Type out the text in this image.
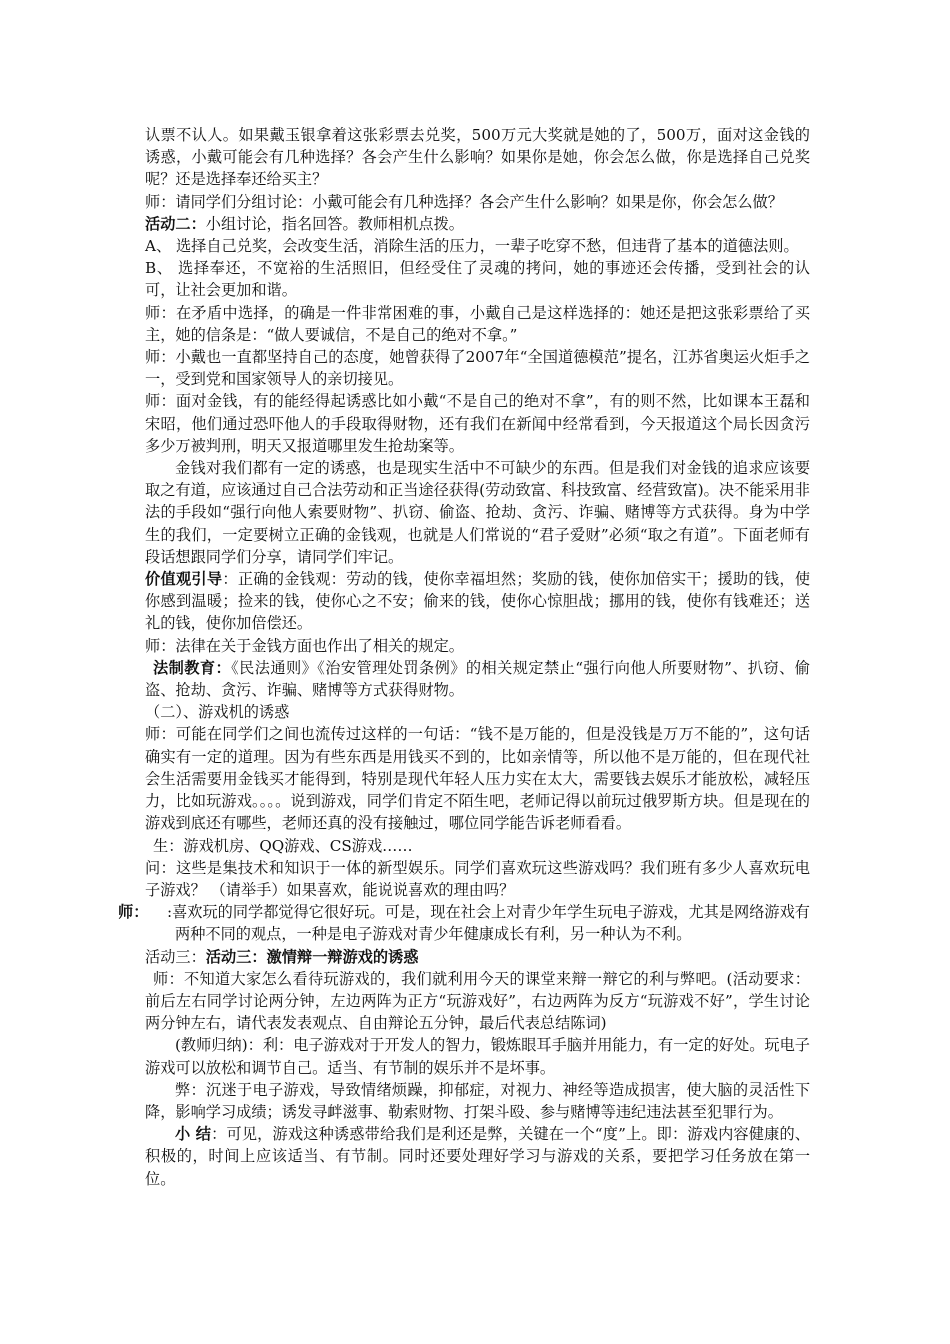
认票不认人。如果戴玉银拿着这张彩票去兑奖，500万元大奖就是她的了，500万，面对这金钱的诱惑，小戴可能会有几种选择？各会产生什么影响？如果你是她，你会怎么做，你是选择自己兑奖呢？还是选择奉还给买主？

师：请同学们分组讨论：小戴可能会有几种选择？各会产生什么影响？如果是你，你会怎么做？

活动二：小组讨论，指名回答。教师相机点拨。

A、 选择自己兑奖，会改变生活，消除生活的压力，一辈子吃穿不愁，但违背了基本的道德法则。

B、 选择奉还，不宽裕的生活照旧，但经受住了灵魂的拷问，她的事迹还会传播，受到社会的认可，让社会更加和谐。

师：在矛盾中选择，的确是一件非常困难的事，小戴自己是这样选择的：她还是把这张彩票给了买主，她的信条是：“做人要诚信，不是自己的绝对不拿。”

师：小戴也一直都坚持自己的态度，她曾获得了2007年“全国道德模范”提名，江苏省奥运火炬手之一，受到党和国家领导人的亲切接见。

师：面对金钱，有的能经得起诱惑比如小戴“不是自己的绝对不拿”，有的则不然，比如课本王磊和宋昭，他们通过恐吓他人的手段取得财物，还有我们在新闻中经常看到，今天报道这个局长因贪污多少万被判刑，明天又报道哪里发生抢劫案等。

金钱对我们都有一定的诱惑，也是现实生活中不可缺少的东西。但是我们对金钱的追求应该要取之有道，应该通过自己合法劳动和正当途径获得(劳动致富、科技致富、经营致富)。决不能采用非法的手段如“强行向他人索要财物”、扒窃、偷盗、抢劫、贪污、诈骗、赌博等方式获得。身为中学生的我们，一定要树立正确的金钱观，也就是人们常说的“君子爱财”必须“取之有道”。下面老师有段话想跟同学们分享，请同学们牢记。

价值观引导：正确的金钱观：劳动的钱，使你幸福坦然；奖励的钱，使你加倍实干；援助的钱，使你感到温暖；捡来的钱，使你心之不安；偷来的钱，使你心惊胆战；挪用的钱，使你有钱难还；送礼的钱，使你加倍偿还。

师：法律在关于金钱方面也作出了相关的规定。

法制教育：《民法通则》《治安管理处罚条例》的相关规定禁止“强行向他人所要财物”、扒窃、偷盗、抢劫、贪污、诈骗、赌博等方式获得财物。

（二）、游戏机的诱惑

师：可能在同学们之间也流传过这样的一句话：“钱不是万能的，但是没钱是万万不能的”，这句话确实有一定的道理。因为有些东西是用钱买不到的，比如亲情等，所以他不是万能的，但在现代社会生活需要用金钱买才能得到，特别是现代年轻人压力实在太大，需要钱去娱乐才能放松，减轻压力，比如玩游戏。。。。说到游戏，同学们肯定不陌生吧，老师记得以前玩过俄罗斯方块。但是现在的游戏到底还有哪些，老师还真的没有接触过，哪位同学能告诉老师看看。

生：游戏机房、QQ游戏、CS游戏……

问：这些是集技术和知识于一体的新型娱乐。同学们喜欢玩这些游戏吗？我们班有多少人喜欢玩电子游戏？ （请举手）如果喜欢，能说说喜欢的理由吗？

师： :喜欢玩的同学都觉得它很好玩。可是，现在社会上对青少年学生玩电子游戏，尤其是网络游戏有两种不同的观点，一种是电子游戏对青少年健康成长有利，另一种认为不利。

活动三：活动三：激情辩一辩游戏的诱惑

师：不知道大家怎么看待玩游戏的，我们就利用今天的课堂来辩一辩它的利与弊吧。(活动要求：前后左右同学讨论两分钟，左边两阵为正方“玩游戏好”，右边两阵为反方“玩游戏不好”，学生讨论两分钟左右，请代表发表观点、自由辩论五分钟，最后代表总结陈词)

(教师归纳)：利：电子游戏对于开发人的智力，锻炼眼耳手脑并用能力，有一定的好处。玩电子游戏可以放松和调节自己。适当、有节制的娱乐并不是坏事。

弊：沉迷于电子游戏，导致情绪烦躁，抑郁症，对视力、神经等造成损害，使大脑的灵活性下降，影响学习成绩；诱发寻衅滋事、勒索财物、打架斗殴、参与赌博等违纪违法甚至犯罪行为。

小 结：可见，游戏这种诱惑带给我们是利还是弊，关键在一个“度”上。即：游戏内容健康的、积极的，时间上应该适当、有节制。同时还要处理好学习与游戏的关系，要把学习任务放在第一位。
